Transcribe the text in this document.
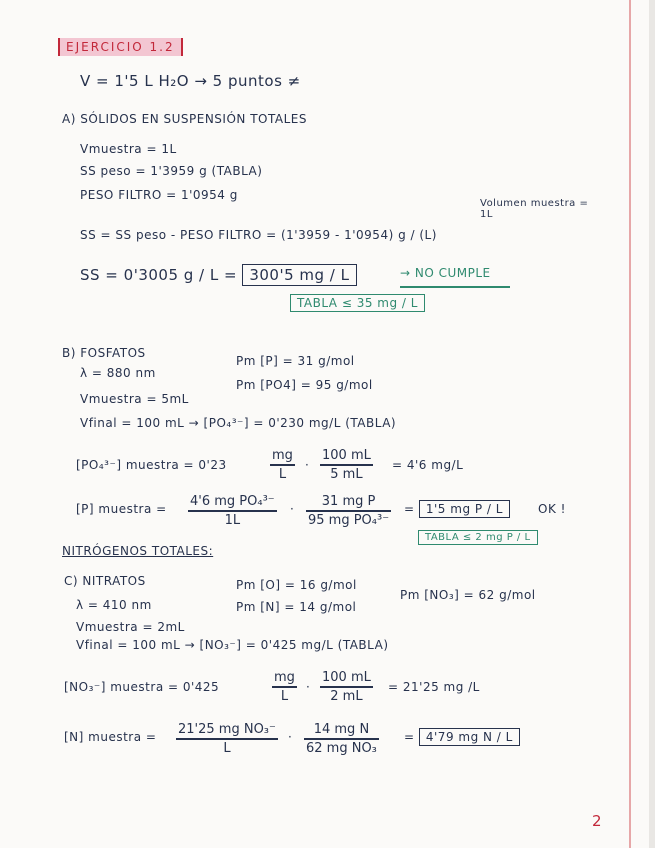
EJERCICIO 1.2
V = 1'5 L H₂O → 5 puntos ≠
A) SÓLIDOS EN SUSPENSIÓN TOTALES
Vmuestra = 1L
SS peso = 1'3959 g (TABLA)
PESO FILTRO = 1'0954 g
Volumen muestra = 1L
SS = SS peso - PESO FILTRO = (1'3959 - 1'0954) g / (L)
SS = 0'3005 g / L = 300'5 mg / L	→ NO CUMPLE
TABLA ≤ 35 mg / L
B) FOSFATOS
Pm [P] = 31 g/mol
λ = 880 nm
Pm [PO4] = 95 g/mol
Vmuestra = 5mL
Vfinal = 100 mL → [PO₄³⁻] = 0'230 mg/L (TABLA)
[PO₄³⁻] muestra = 0'23
mg
L
·
100 mL
5 mL
= 4'6 mg/L
[P] muestra = 4'6 mg PO₄³⁻
1L
·	31 mg P
95 mg PO₄³⁻
= 1'5 mg P / L	OK !
TABLA ≤ 2 mg P / L
NITRÓGENOS TOTALES:
C) NITRATOS	Pm [O] = 16 g/mol
Pm [NO₃] = 62 g/mol
λ = 410 nm	Pm [N] = 14 g/mol
Vmuestra = 2mL
Vfinal = 100 mL → [NO₃⁻] = 0'425 mg/L (TABLA)
[NO₃⁻] muestra = 0'425
mg
L
·
100 mL
2 mL
= 21'25 mg /L
[N] muestra = 21'25 mg NO₃⁻
L
·	14 mg N
62 mg NO₃
= 4'79 mg N / L
2
